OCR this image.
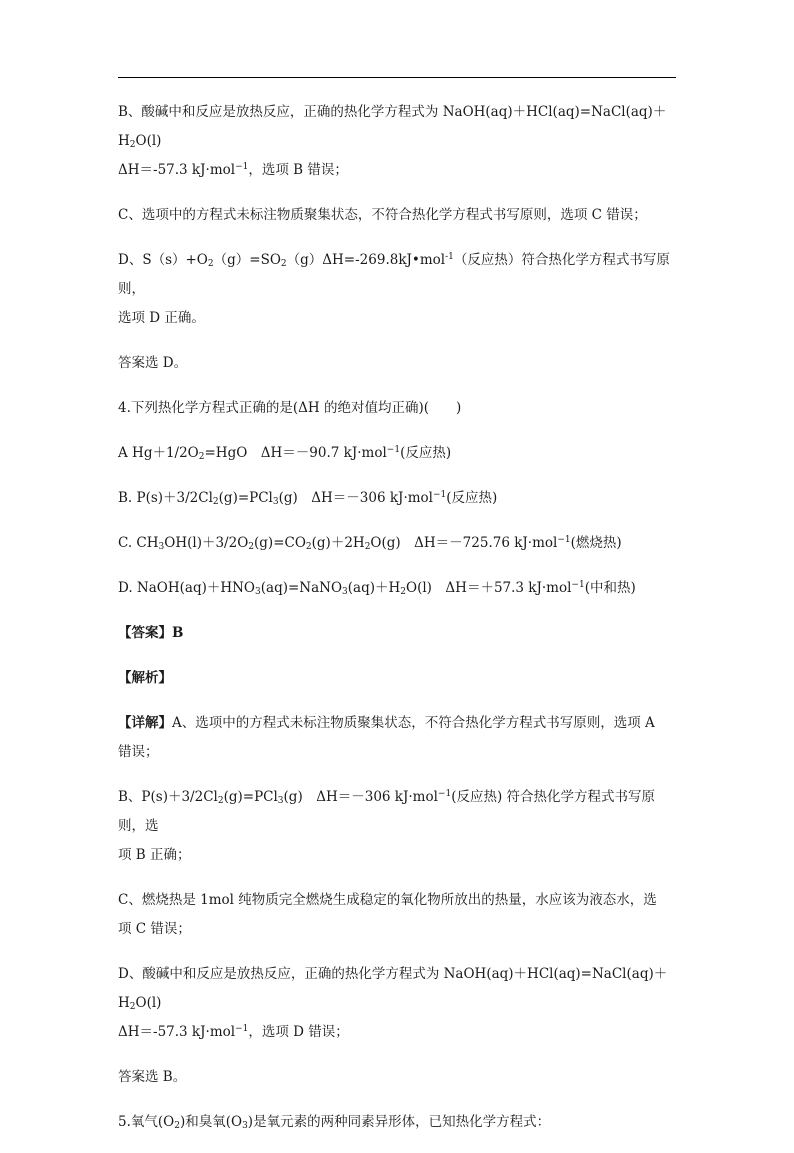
B、酸碱中和反应是放热反应，正确的热化学方程式为 $NaOH(aq)+HCl(aq)=NaCl(aq)+H_2O(l)$
ΔH＝-57.3 kJ·mol$^{-1}$，选项 B 错误；

C、选项中的方程式未标注物质聚集状态，不符合热化学方程式书写原则，选项 C 错误；

D、$S(s)+O_2(g)=SO_2(g)\Delta H=-269.8kJ•mol^{-1}$（反应热）符合热化学方程式书写原则，
选项 D 正确。

答案选 D。

4.下列热化学方程式正确的是(ΔH 的绝对值均正确)(　　)

A $Hg+1/2O_2=HgO$　ΔH＝－90.7 kJ·mol$^{-1}$(反应热)

B. $P(s)+3/2Cl_2(g)=PCl_3(g)$　ΔH＝－306 kJ·mol$^{-1}$(反应热)

C. $CH_3OH(l)+3/2O_2(g)=CO_2(g)+2H_2O(g)$　ΔH＝－725.76 kJ·mol$^{-1}$(燃烧热)

D. $NaOH(aq)+HNO_3(aq)=NaNO_3(aq)+H_2O(l)$　ΔH＝＋57.3 kJ·mol$^{-1}$(中和热)

【答案】B

【解析】

【详解】A、选项中的方程式未标注物质聚集状态，不符合热化学方程式书写原则，选项 A
错误；

B、$P(s)+3/2Cl_2(g)=PCl_3(g)$　ΔH＝－306 kJ·mol$^{-1}$(反应热) 符合热化学方程式书写原则，选
项 B 正确；

C、燃烧热是 1mol 纯物质完全燃烧生成稳定的氧化物所放出的热量，水应该为液态水，选
项 C 错误；

D、酸碱中和反应是放热反应，正确的热化学方程式为 $NaOH(aq)+HCl(aq)=NaCl(aq)+H_2O(l)$
ΔH＝-57.3 kJ·mol$^{-1}$，选项 D 错误；

答案选 B。

5.氧气$(O_2)$和臭氧$(O_3)$是氧元素的两种同素异形体，已知热化学方程式：
